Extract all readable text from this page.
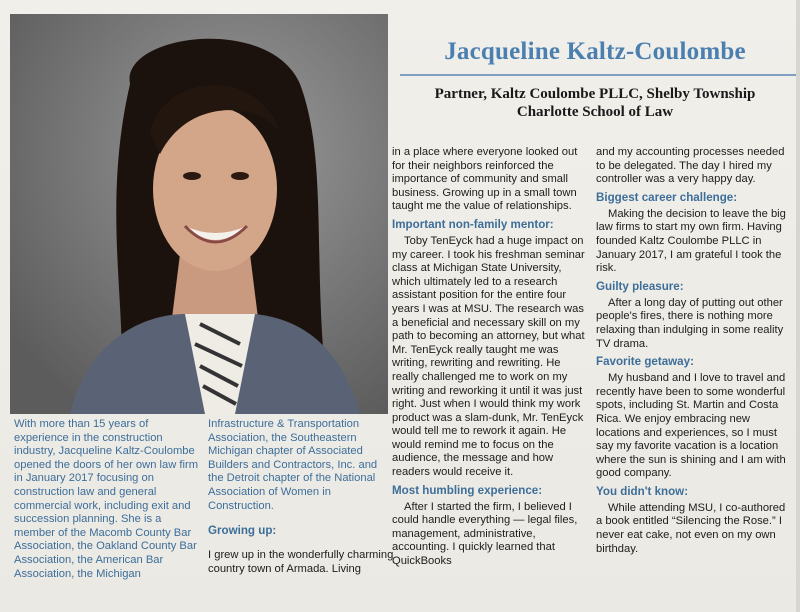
Jacqueline Kaltz-Coulombe
Partner, Kaltz Coulombe PLLC, Shelby Township
Charlotte School of Law
With more than 15 years of experience in the construction industry, Jacqueline Kaltz-Coulombe opened the doors of her own law firm in January 2017 focusing on construction law and general commercial work, including exit and succession planning. She is a member of the Macomb County Bar Association, the Oakland County Bar Association, the American Bar Association, the Michigan
Infrastructure & Transportation Association, the Southeastern Michigan chapter of Associated Builders and Contractors, Inc. and the Detroit chapter of the National Association of Women in Construction.
Growing up:

I grew up in the wonderfully charming country town of Armada. Living

in a place where everyone looked out for their neighbors reinforced the importance of community and small business. Growing up in a small town taught me the value of relationships.

Important non-family mentor:

Toby TenEyck had a huge impact on my career. I took his freshman seminar class at Michigan State University, which ultimately led to a research assistant position for the entire four years I was at MSU. The research was a beneficial and necessary skill on my path to becoming an attorney, but what Mr. TenEyck really taught me was writing, rewriting and rewriting. He really challenged me to work on my writing and reworking it until it was just right. Just when I would think my work product was a slam-dunk, Mr. TenEyck would tell me to rework it again. He would remind me to focus on the audience, the message and how readers would receive it.

Most humbling experience:

After I started the firm, I believed I could handle everything — legal files, management, administrative, accounting. I quickly learned that QuickBooks

and my accounting processes needed to be delegated. The day I hired my controller was a very happy day.

Biggest career challenge:

Making the decision to leave the big law firms to start my own firm. Having founded Kaltz Coulombe PLLC in January 2017, I am grateful I took the risk.

Guilty pleasure:

After a long day of putting out other people's fires, there is nothing more relaxing than indulging in some reality TV drama.

Favorite getaway:

My husband and I love to travel and recently have been to some wonderful spots, including St. Martin and Costa Rica. We enjoy embracing new locations and experiences, so I must say my favorite vacation is a location where the sun is shining and I am with good company.

You didn't know:

While attending MSU, I co-authored a book entitled “Silencing the Rose.” I never eat cake, not even on my own birthday.
